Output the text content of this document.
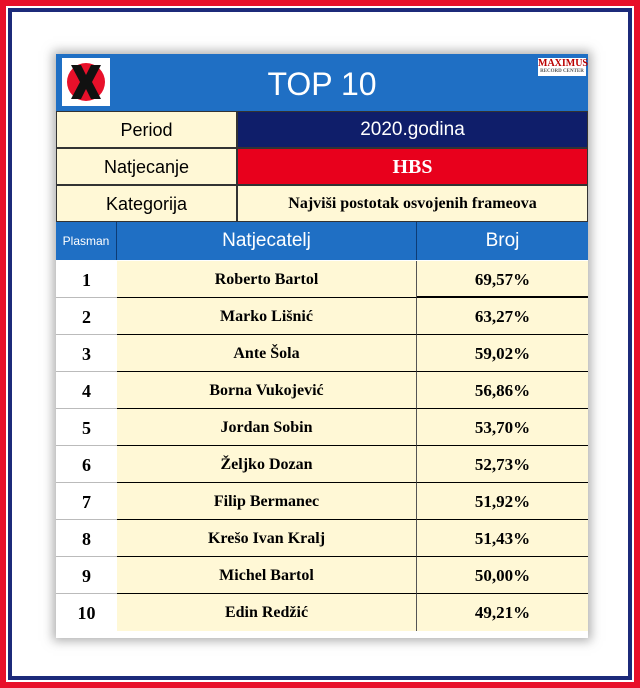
TOP 10
MAXIMUS
RECORD CENTER
Period	2020.godina
Natjecanje	HBS
Kategorija	Najviši postotak osvojenih frameova
Plasman	Natjecatelj	Broj
1	Roberto Bartol	69,57%
2	Marko Lišnić	63,27%
3	Ante Šola	59,02%
4	Borna Vukojević	56,86%
5	Jordan Sobin	53,70%
6	Željko Dozan	52,73%
7	Filip Bermanec	51,92%
8	Krešo Ivan Kralj	51,43%
9	Michel Bartol	50,00%
10	Edin Redžić	49,21%
